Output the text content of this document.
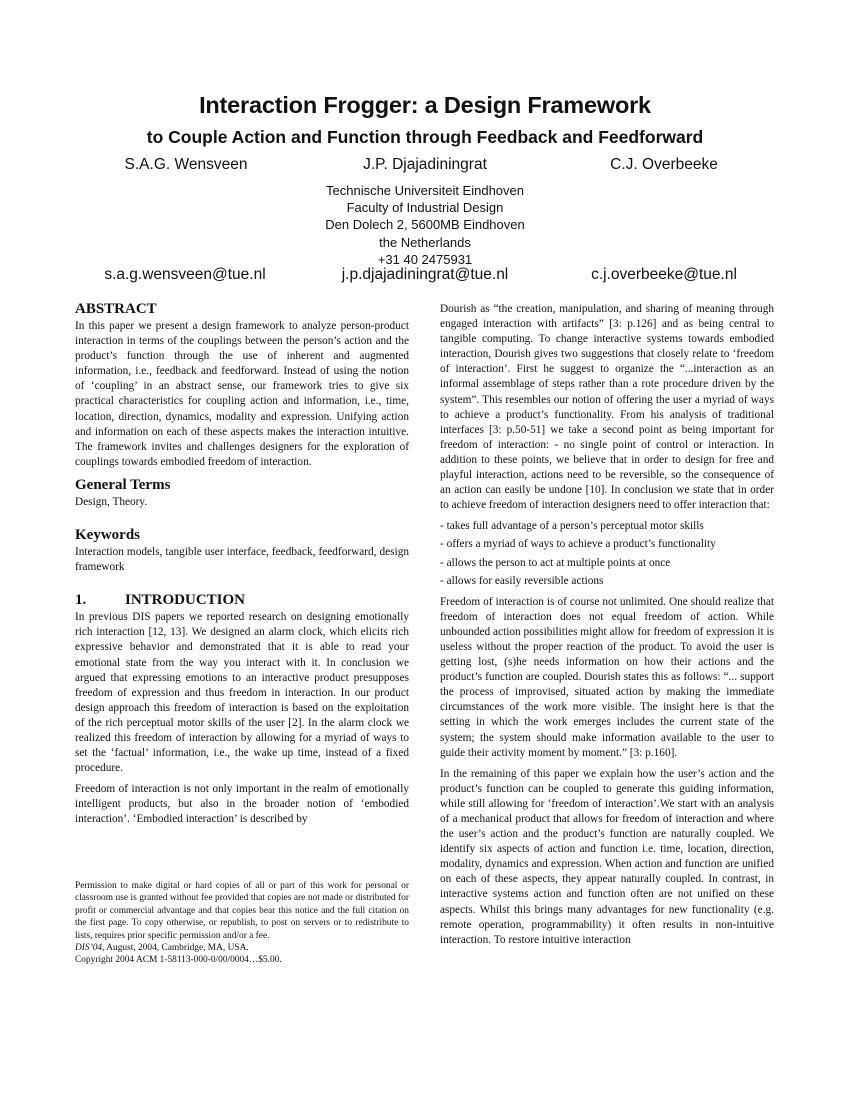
Interaction Frogger: a Design Framework
to Couple Action and Function through Feedback and Feedforward
S.A.G. Wensveen	J.P. Djajadiningrat	C.J. Overbeeke
Technische Universiteit Eindhoven
Faculty of Industrial Design
Den Dolech 2, 5600MB Eindhoven
the Netherlands
+31 40 2475931
s.a.g.wensveen@tue.nl	j.p.djajadiningrat@tue.nl	c.j.overbeeke@tue.nl
ABSTRACT

In this paper we present a design framework to analyze person-product interaction in terms of the couplings between the person’s action and the product’s function through the use of inherent and augmented information, i.e., feedback and feedforward. Instead of using the notion of ‘coupling’ in an abstract sense, our framework tries to give six practical characteristics for coupling action and information, i.e., time, location, direction, dynamics, modality and expression. Unifying action and information on each of these aspects makes the interaction intuitive. The framework invites and challenges designers for the exploration of couplings towards embodied freedom of interaction.

General Terms

Design, Theory.

Keywords

Interaction models, tangible user interface, feedback, feedforward, design framework

1.	INTRODUCTION

In previous DIS papers we reported research on designing emotionally rich interaction [12, 13]. We designed an alarm clock, which elicits rich expressive behavior and demonstrated that it is able to read your emotional state from the way you interact with it. In conclusion we argued that expressing emotions to an interactive product presupposes freedom of expression and thus freedom in interaction. In our product design approach this freedom of interaction is based on the exploitation of the rich perceptual motor skills of the user [2]. In the alarm clock we realized this freedom of interaction by allowing for a myriad of ways to set the ‘factual’ information, i.e., the wake up time, instead of a fixed procedure.

Freedom of interaction is not only important in the realm of emotionally intelligent products, but also in the broader notion of ‘embodied interaction’. ‘Embodied interaction’ is described by

Permission to make digital or hard copies of all or part of this work for personal or classroom use is granted without fee provided that copies are not made or distributed for profit or commercial advantage and that copies bear this notice and the full citation on the first page. To copy otherwise, or republish, to post on servers or to redistribute to lists, requires prior specific permission and/or a fee.

DIS’04, August, 2004, Cambridge, MA, USA.

Copyright 2004 ACM 1-58113-000-0/00/0004…$5.00.

Dourish as “the creation, manipulation, and sharing of meaning through engaged interaction with artifacts” [3: p.126] and as being central to tangible computing. To change interactive systems towards embodied interaction, Dourish gives two suggestions that closely relate to ‘freedom of interaction’. First he suggest to organize the “...interaction as an informal assemblage of steps rather than a rote procedure driven by the system”. This resembles our notion of offering the user a myriad of ways to achieve a product’s functionality. From his analysis of traditional interfaces [3: p.50-51] we take a second point as being important for freedom of interaction: - no single point of control or interaction. In addition to these points, we believe that in order to design for free and playful interaction, actions need to be reversible, so the consequence of an action can easily be undone [10]. In conclusion we state that in order to achieve freedom of interaction designers need to offer interaction that:

- takes full advantage of a person’s perceptual motor skills
- offers a myriad of ways to achieve a product’s functionality
- allows the person to act at multiple points at once
- allows for easily reversible actions

Freedom of interaction is of course not unlimited. One should realize that freedom of interaction does not equal freedom of action. While unbounded action possibilities might allow for freedom of expression it is useless without the proper reaction of the product. To avoid the user is getting lost, (s)he needs information on how their actions and the product’s function are coupled. Dourish states this as follows: “... support the process of improvised, situated action by making the immediate circumstances of the work more visible. The insight here is that the setting in which the work emerges includes the current state of the system; the system should make information available to the user to guide their activity moment by moment.” [3: p.160].

In the remaining of this paper we explain how the user’s action and the product’s function can be coupled to generate this guiding information, while still allowing for ‘freedom of interaction’.We start with an analysis of a mechanical product that allows for freedom of interaction and where the user’s action and the product’s function are naturally coupled. We identify six aspects of action and function i.e. time, location, direction, modality, dynamics and expression. When action and function are unified on each of these aspects, they appear naturally coupled. In contrast, in interactive systems action and function often are not unified on these aspects. Whilst this brings many advantages for new functionality (e.g. remote operation, programmability) it often results in non-intuitive interaction. To restore intuitive interaction
